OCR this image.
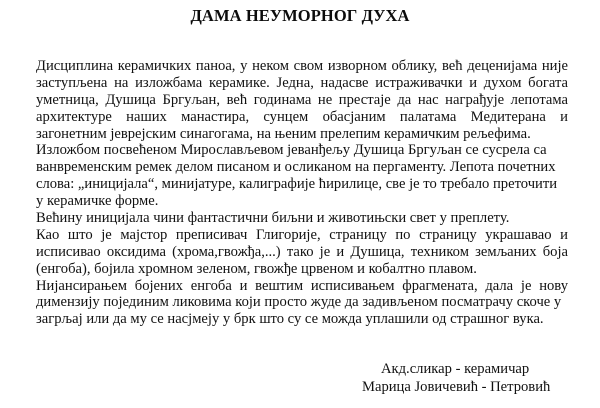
ДАМА НЕУМОРНОГ ДУХА
Дисциплина керамичких паноа, у неком свом изворном облику, већ деценијама није
заступљена на изложбама керамике. Једна, надасве истраживачки и духом богата
уметница, Душица Бргуљан, већ годинама не престаје да нас награђује лепотама
архитектуре наших манастира, сунцем обасјаним палатама Медитерана и
загонетним јеврејским синагогама, на њеним прелепим керамичким рељефима.
Изложбом посвећеном Мирослављевом јеванђељу Душица Бргуљан се сусрела са
ванвременским ремек делом писаном и осликаном на пергаменту. Лепота почетних
слова: „иницијала“, минијатуре, калиграфије ћирилице, све је то требало преточити
у керамичке форме.
Већину иницијала чини фантастични биљни и животињски свет у преплету.
Као што је мајстор преписивач Глигорије, страницу по страницу украшавао и
исписивао оксидима (хрома,гвожђа,...) тако је и Душица, техником земљаних боја
(енгоба), бојила хромном зеленом, гвожђе црвеном и кобалтно плавом.
Нијансирањем бојених енгоба и вештим исписивањем фрагмената, дала је нову
димензију појединим ликовима који просто жуде да задивљеном посматрачу скоче у
загрљај или да му се насјмеју у брк што су се можда уплашили од страшног вука.
Акд.сликар - керамичар
Марица Јовичевић - Петровић
